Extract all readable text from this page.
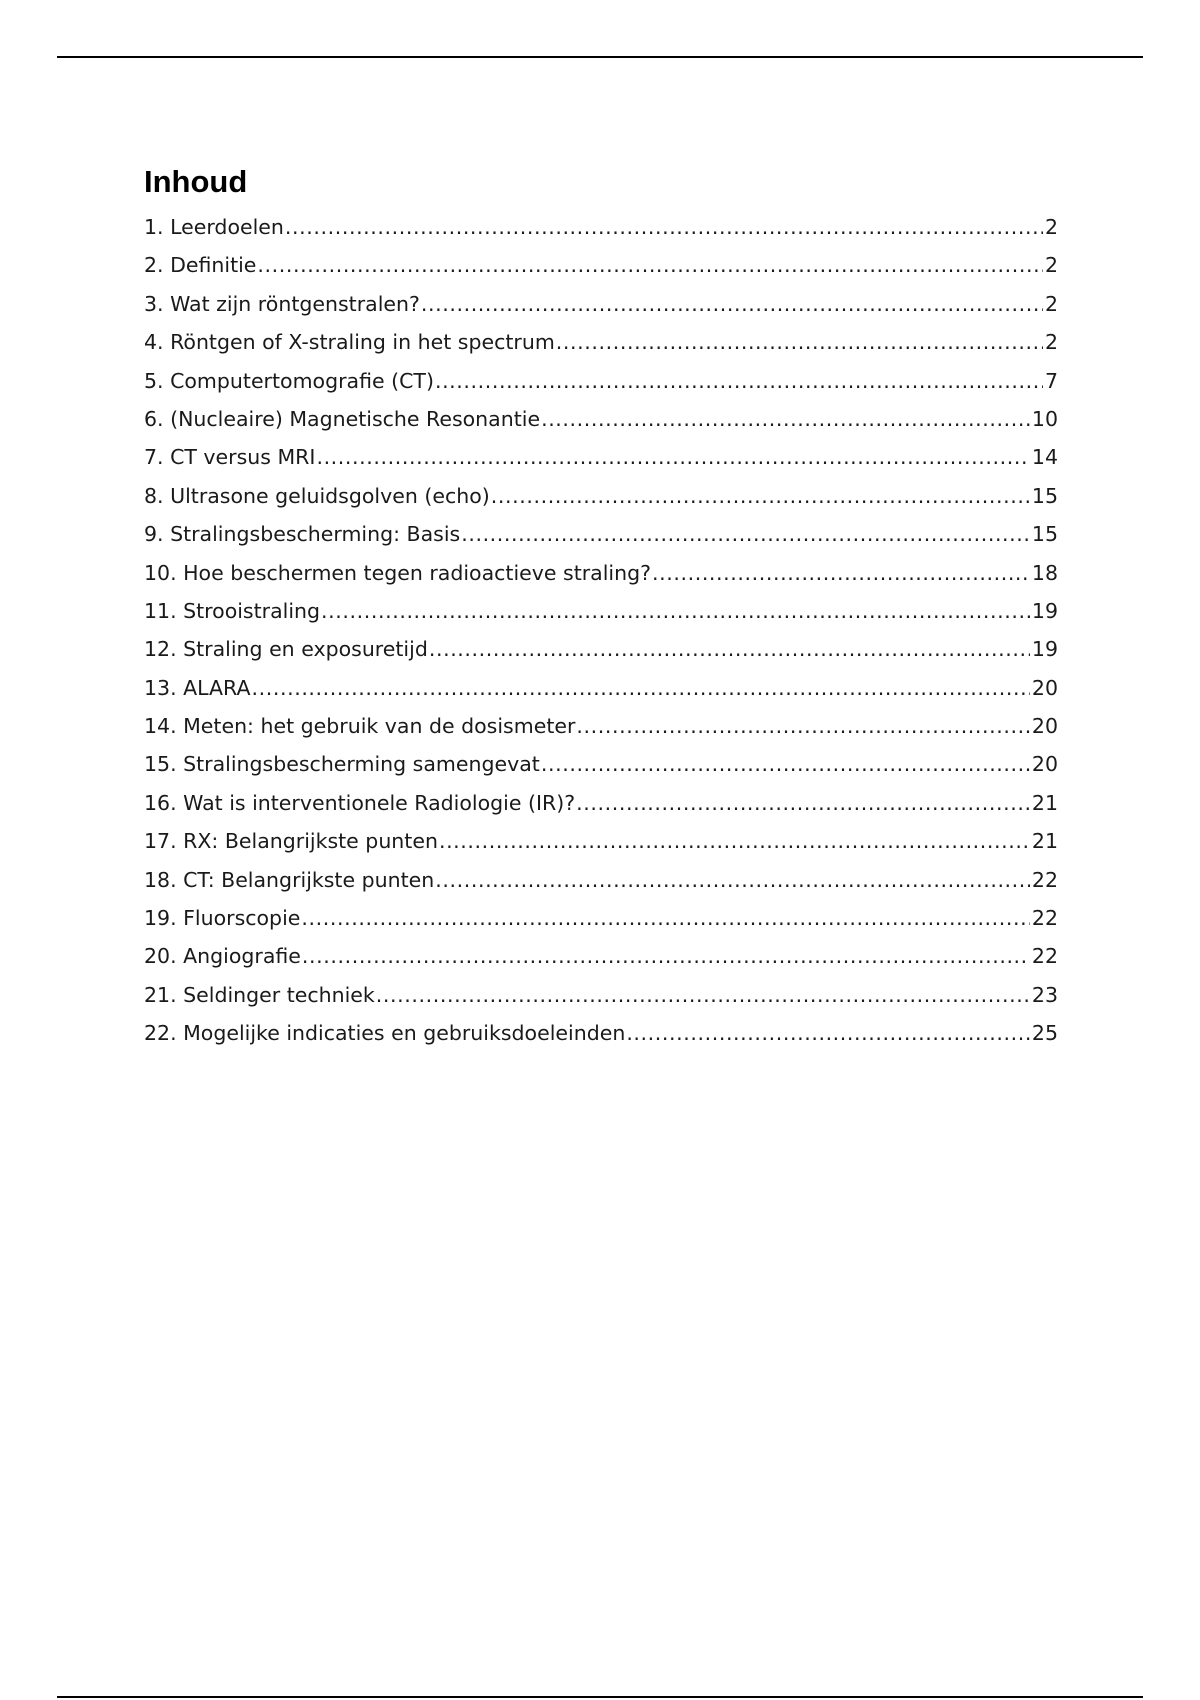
Inhoud
1. Leerdoelen .....	2
2. Definitie .....	2
3. Wat zijn röntgenstralen? .....	2
4. Röntgen of X-straling in het spectrum .....	2
5. Computertomografie (CT) .....	7
6. (Nucleaire) Magnetische Resonantie .....	10
7. CT versus MRI .....	14
8. Ultrasone geluidsgolven (echo) .....	15
9. Stralingsbescherming: Basis .....	15
10. Hoe beschermen tegen radioactieve straling? .....	18
11. Strooistraling .....	19
12. Straling en exposuretijd .....	19
13. ALARA .....	20
14. Meten: het gebruik van de dosismeter .....	20
15. Stralingsbescherming samengevat .....	20
16. Wat is interventionele Radiologie (IR)? .....	21
17. RX: Belangrijkste punten .....	21
18. CT: Belangrijkste punten .....	22
19. Fluorscopie .....	22
20. Angiografie .....	22
21. Seldinger techniek .....	23
22. Mogelijke indicaties en gebruiksdoeleinden .....	25
